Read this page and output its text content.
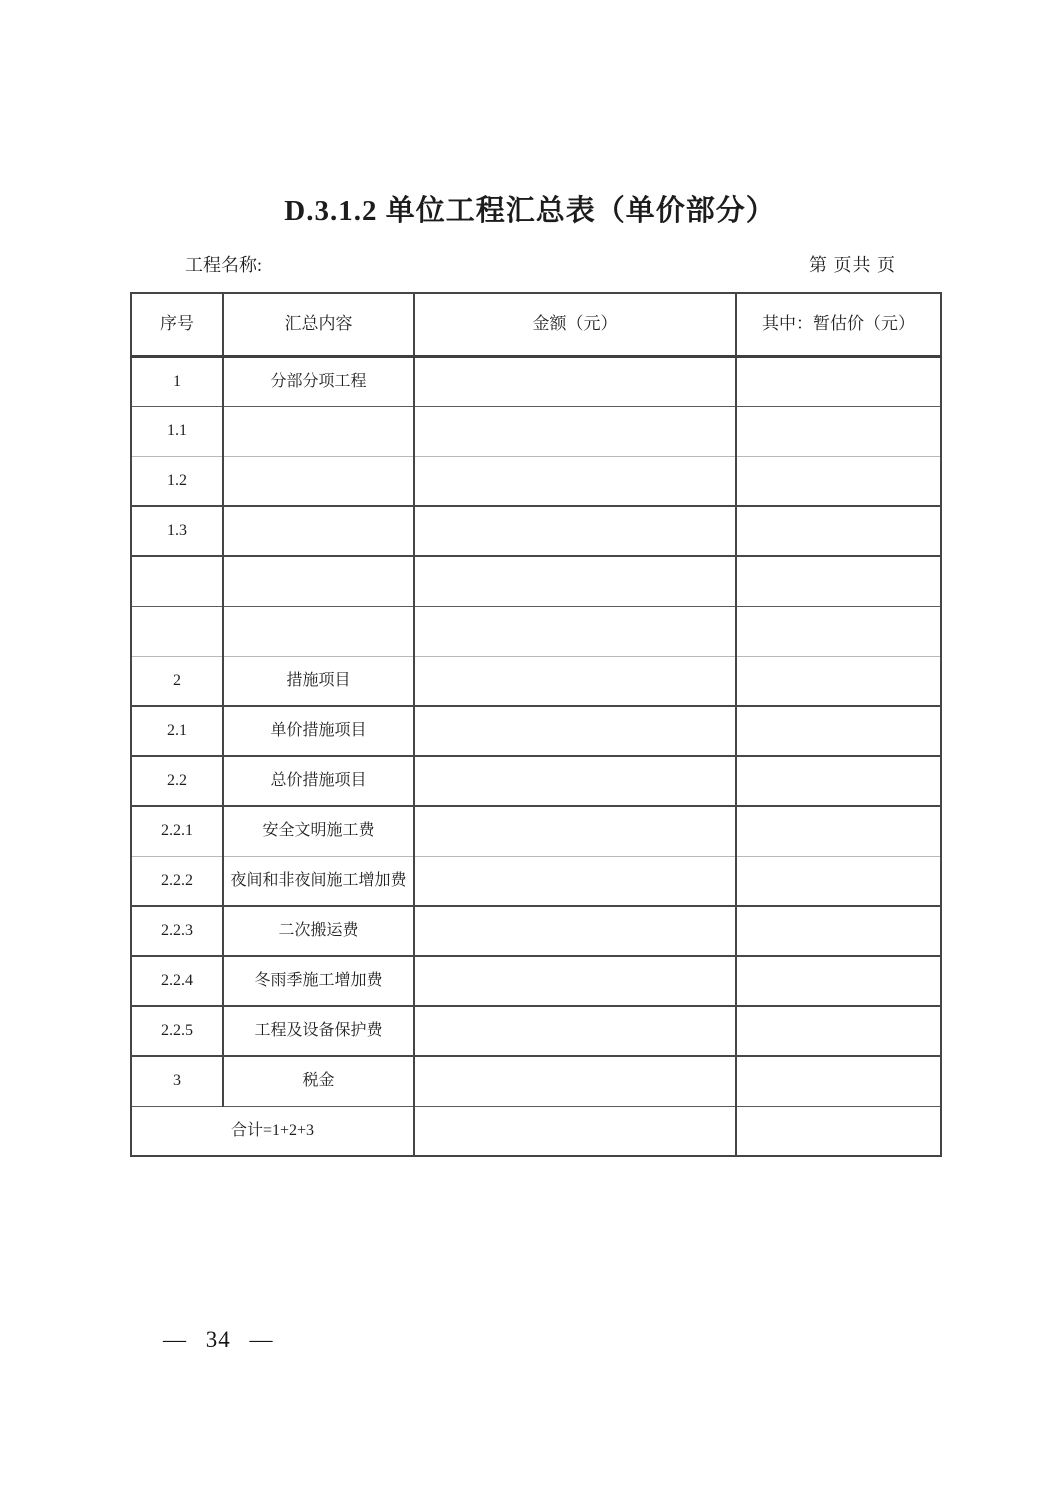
D.3.1.2 单位工程汇总表（单价部分）
工程名称:	第 页共 页
序号	汇总内容	金额（元）	其中：暂估价（元）
1	分部分项工程		
1.1			
1.2			
1.3			

2	措施项目		
2.1	单价措施项目		
2.2	总价措施项目		
2.2.1	安全文明施工费		
2.2.2	夜间和非夜间施工增加费		
2.2.3	二次搬运费		
2.2.4	冬雨季施工增加费		
2.2.5	工程及设备保护费		
3	税金		
合计=1+2+3			
— 34 —
